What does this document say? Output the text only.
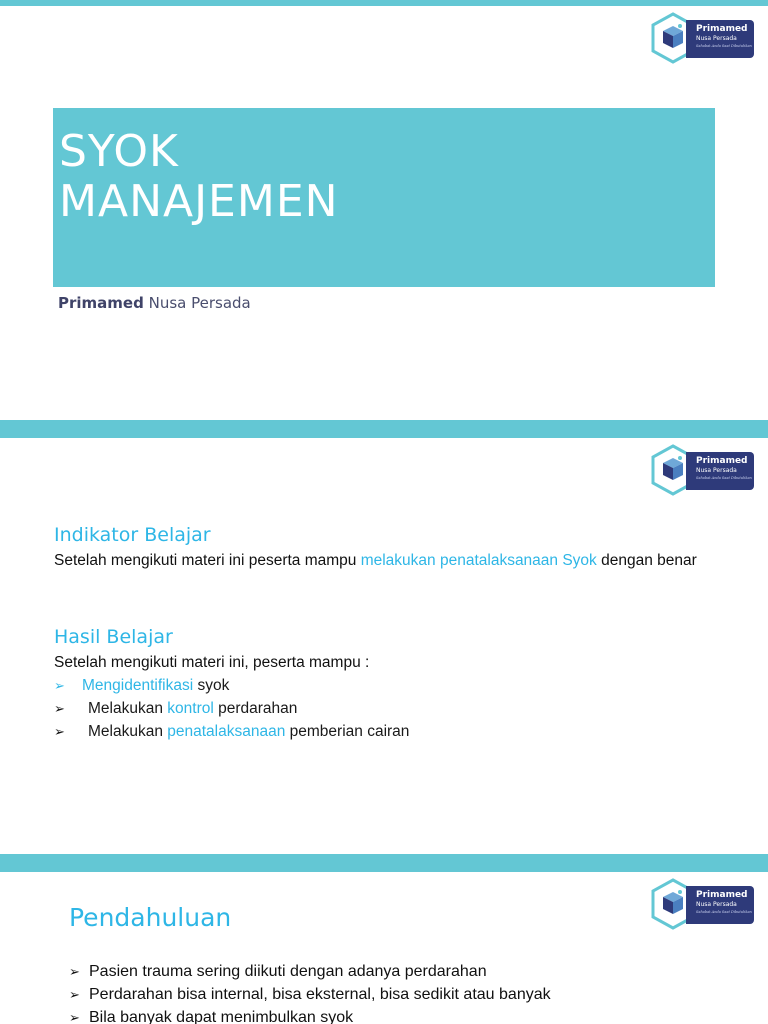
Primamed
Nusa Persada
Sahabat Anda Saat Dibutuhkan
SYOK
MANAJEMEN
Primamed Nusa Persada
Primamed
Nusa Persada
Sahabat Anda Saat Dibutuhkan
Indikator Belajar

Setelah mengikuti materi ini peserta mampu melakukan penatalaksanaan Syok dengan benar

Hasil Belajar

Setelah mengikuti materi ini, peserta mampu :

➢ Mengidentifikasi syok
➢ Melakukan kontrol perdarahan
➢ Melakukan penatalaksanaan pemberian cairan
Primamed
Nusa Persada
Sahabat Anda Saat Dibutuhkan
Pendahuluan
➢ Pasien trauma sering diikuti dengan adanya perdarahan
➢ Perdarahan bisa internal, bisa eksternal, bisa sedikit atau banyak
➢ Bila banyak dapat menimbulkan syok
